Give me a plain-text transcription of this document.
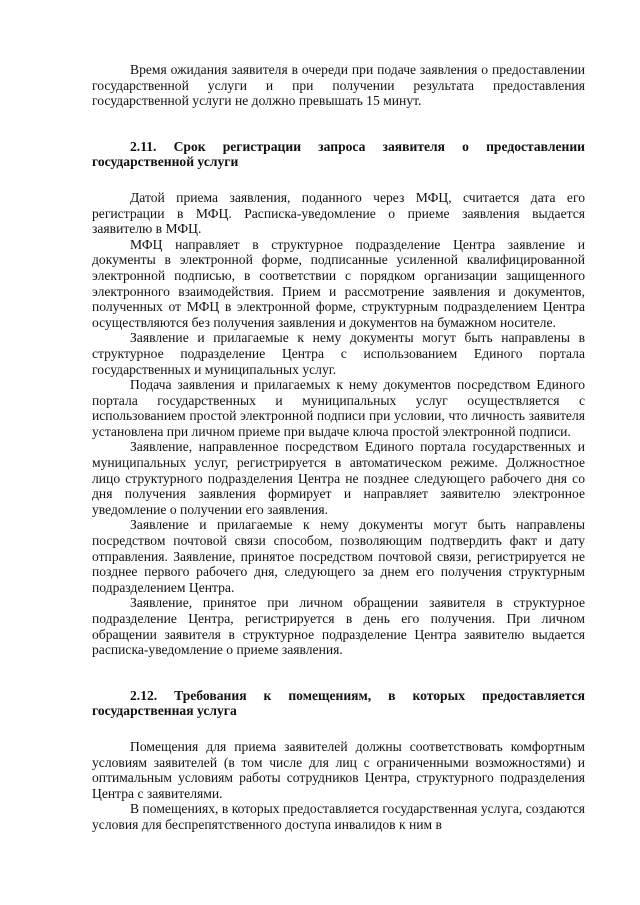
Время ожидания заявителя в очереди при подаче заявления о предоставлении государственной услуги и при получении результата предоставления государственной услуги не должно превышать 15 минут.

2.11. Срок регистрации запроса заявителя о предоставлении государственной услуги

Датой приема заявления, поданного через МФЦ, считается дата его регистрации в МФЦ. Расписка-уведомление о приеме заявления выдается заявителю в МФЦ.

МФЦ направляет в структурное подразделение Центра заявление и документы в электронной форме, подписанные усиленной квалифицированной электронной подписью, в соответствии с порядком организации защищенного электронного взаимодействия. Прием и рассмотрение заявления и документов, полученных от МФЦ в электронной форме, структурным подразделением Центра осуществляются без получения заявления и документов на бумажном носителе.

Заявление и прилагаемые к нему документы могут быть направлены в структурное подразделение Центра с использованием Единого портала государственных и муниципальных услуг.

Подача заявления и прилагаемых к нему документов посредством Единого портала государственных и муниципальных услуг осуществляется с использованием простой электронной подписи при условии, что личность заявителя установлена при личном приеме при выдаче ключа простой электронной подписи.

Заявление, направленное посредством Единого портала государственных и муниципальных услуг, регистрируется в автоматическом режиме. Должностное лицо структурного подразделения Центра не позднее следующего рабочего дня со дня получения заявления формирует и направляет заявителю электронное уведомление о получении его заявления.

Заявление и прилагаемые к нему документы могут быть направлены посредством почтовой связи способом, позволяющим подтвердить факт и дату отправления. Заявление, принятое посредством почтовой связи, регистрируется не позднее первого рабочего дня, следующего за днем его получения структурным подразделением Центра.

Заявление, принятое при личном обращении заявителя в структурное подразделение Центра, регистрируется в день его получения. При личном обращении заявителя в структурное подразделение Центра заявителю выдается расписка-уведомление о приеме заявления.

2.12. Требования к помещениям, в которых предоставляется государственная услуга

Помещения для приема заявителей должны соответствовать комфортным условиям заявителей (в том числе для лиц с ограниченными возможностями) и оптимальным условиям работы сотрудников Центра, структурного подразделения Центра с заявителями.

В помещениях, в которых предоставляется государственная услуга, создаются условия для беспрепятственного доступа инвалидов к ним в
